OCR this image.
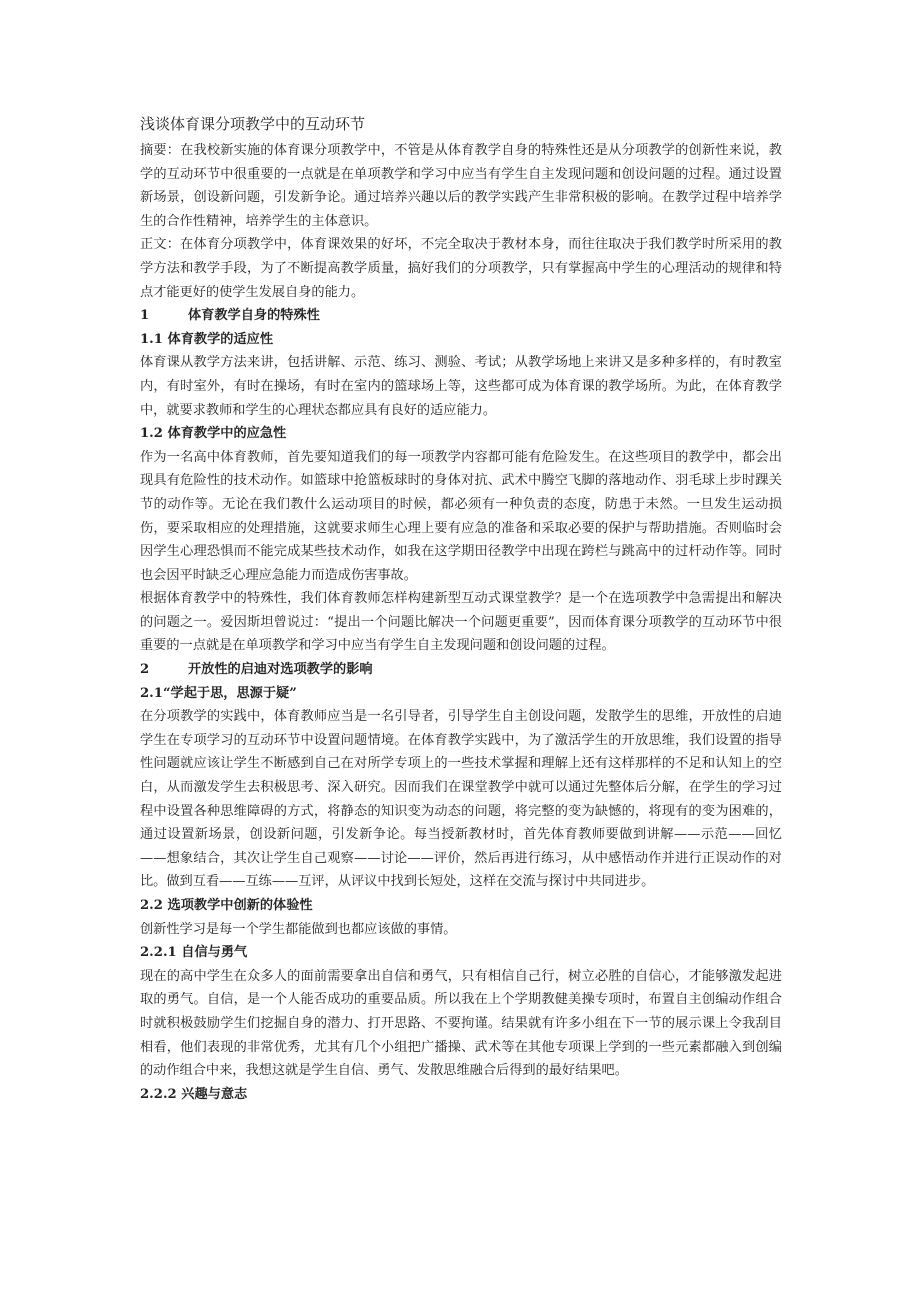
浅谈体育课分项教学中的互动环节

摘要：在我校新实施的体育课分项教学中，不管是从体育教学自身的特殊性还是从分项教学的创新性来说，教学的互动环节中很重要的一点就是在单项教学和学习中应当有学生自主发现问题和创设问题的过程。通过设置新场景，创设新问题，引发新争论。通过培养兴趣以后的教学实践产生非常积极的影响。在教学过程中培养学生的合作性精神，培养学生的主体意识。

正文：在体育分项教学中，体育课效果的好坏，不完全取决于教材本身，而往往取决于我们教学时所采用的教学方法和教学手段，为了不断提高教学质量，搞好我们的分项教学，只有掌握高中学生的心理活动的规律和特点才能更好的使学生发展自身的能力。

1	体育教学自身的特殊性
1.1 体育教学的适应性

体育课从教学方法来讲，包括讲解、示范、练习、测验、考试；从教学场地上来讲又是多种多样的，有时教室内，有时室外，有时在操场，有时在室内的篮球场上等，这些都可成为体育课的教学场所。为此，在体育教学中，就要求教师和学生的心理状态都应具有良好的适应能力。

1.2 体育教学中的应急性

作为一名高中体育教师，首先要知道我们的每一项教学内容都可能有危险发生。在这些项目的教学中，都会出现具有危险性的技术动作。如篮球中抢篮板球时的身体对抗、武术中腾空飞脚的落地动作、羽毛球上步时踝关节的动作等。无论在我们教什么运动项目的时候，都必须有一种负责的态度，防患于未然。一旦发生运动损伤，要采取相应的处理措施，这就要求师生心理上要有应急的准备和采取必要的保护与帮助措施。否则临时会因学生心理恐惧而不能完成某些技术动作，如我在这学期田径教学中出现在跨栏与跳高中的过杆动作等。同时也会因平时缺乏心理应急能力而造成伤害事故。

根据体育教学中的特殊性，我们体育教师怎样构建新型互动式课堂教学？是一个在选项教学中急需提出和解决的问题之一。爱因斯坦曾说过：“提出一个问题比解决一个问题更重要”，因而体育课分项教学的互动环节中很重要的一点就是在单项教学和学习中应当有学生自主发现问题和创设问题的过程。

2	开放性的启迪对选项教学的影响
2.1“学起于思，思源于疑”

在分项教学的实践中，体育教师应当是一名引导者，引导学生自主创设问题，发散学生的思维，开放性的启迪学生在专项学习的互动环节中设置问题情境。在体育教学实践中，为了激活学生的开放思维，我们设置的指导性问题就应该让学生不断感到自己在对所学专项上的一些技术掌握和理解上还有这样那样的不足和认知上的空白，从而激发学生去积极思考、深入研究。因而我们在课堂教学中就可以通过先整体后分解，在学生的学习过程中设置各种思维障碍的方式，将静态的知识变为动态的问题，将完整的变为缺憾的，将现有的变为困难的，通过设置新场景，创设新问题，引发新争论。每当授新教材时，首先体育教师要做到讲解——示范——回忆——想象结合，其次让学生自己观察——讨论——评价，然后再进行练习，从中感悟动作并进行正误动作的对比。做到互看——互练——互评，从评议中找到长短处，这样在交流与探讨中共同进步。

2.2 选项教学中创新的体验性

创新性学习是每一个学生都能做到也都应该做的事情。

2.2.1 自信与勇气

现在的高中学生在众多人的面前需要拿出自信和勇气，只有相信自己行，树立必胜的自信心，才能够激发起进取的勇气。自信，是一个人能否成功的重要品质。所以我在上个学期教健美操专项时，布置自主创编动作组合时就积极鼓励学生们挖掘自身的潜力、打开思路、不要拘谨。结果就有许多小组在下一节的展示课上令我刮目相看，他们表现的非常优秀，尤其有几个小组把广播操、武术等在其他专项课上学到的一些元素都融入到创编的动作组合中来，我想这就是学生自信、勇气、发散思维融合后得到的最好结果吧。

2.2.2 兴趣与意志
